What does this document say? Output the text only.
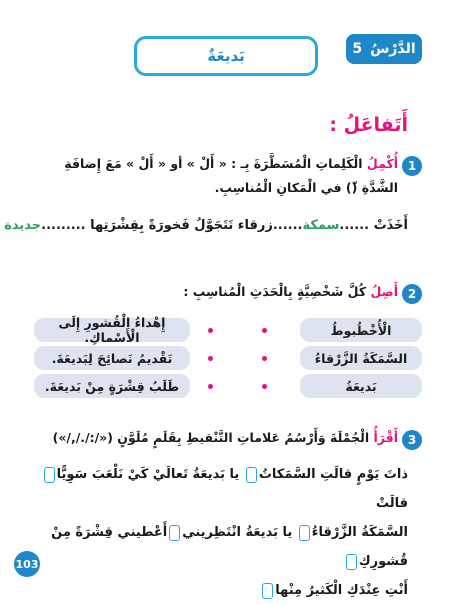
الدَّرْسُ
5
بَديعَةٌ
أَتَفاعَلُ :
1
أُكْمِلُ الْكَلِماتِ الْمُسَطَّرَةَ بِـ : « أَلْ » أو « أَلْ » مَعَ إِضافَةِ الشَّدَّةِ (ّ) في الْمَكانِ الْمُناسِبِ.
أَخَذَتْ ......سمكة......زرقاء تَتَجَوَّلُ فَخورَةً بِقِشْرَتِها .........جديدة
2
أَصِلُ كُلَّ شَخْصِيَّةٍ بِالْحَدَثِ الْمُناسِبِ :
الْأُخْطُبوطُ
السَّمَكَةُ الزَّرْقاءُ
بَديعَةُ
إِهْداءُ الْقُشورِ إِلَى الْأَسْماكِ.
تَقْديمُ نَصائِحَ لِبَديعَةَ.
طَلَبُ قِشْرَةٍ مِنْ بَديعَةَ.
3
أَقْرَأُ الْجُمْلَةَ وَأَرْسُمُ عَلاماتِ التَّنْقيطِ بِقَلَمٍ مُلَوَّنٍ («/:/./,/»)
ذاتَ يَوْمٍ قالَتِ السَّمَكاتُ يا بَديعَةُ تَعالَيْ كَيْ نَلْعَبَ سَوِيًّا قالَتْ
السَّمَكَةُ الزَّرْقاءُ يا بَديعَةُ انْتَظِرينيأَعْطيني قِشْرَةً مِنْ قُشورِكِ
أَنْتِ عِنْدَكِ الْكَثيرُ مِنْها
103
